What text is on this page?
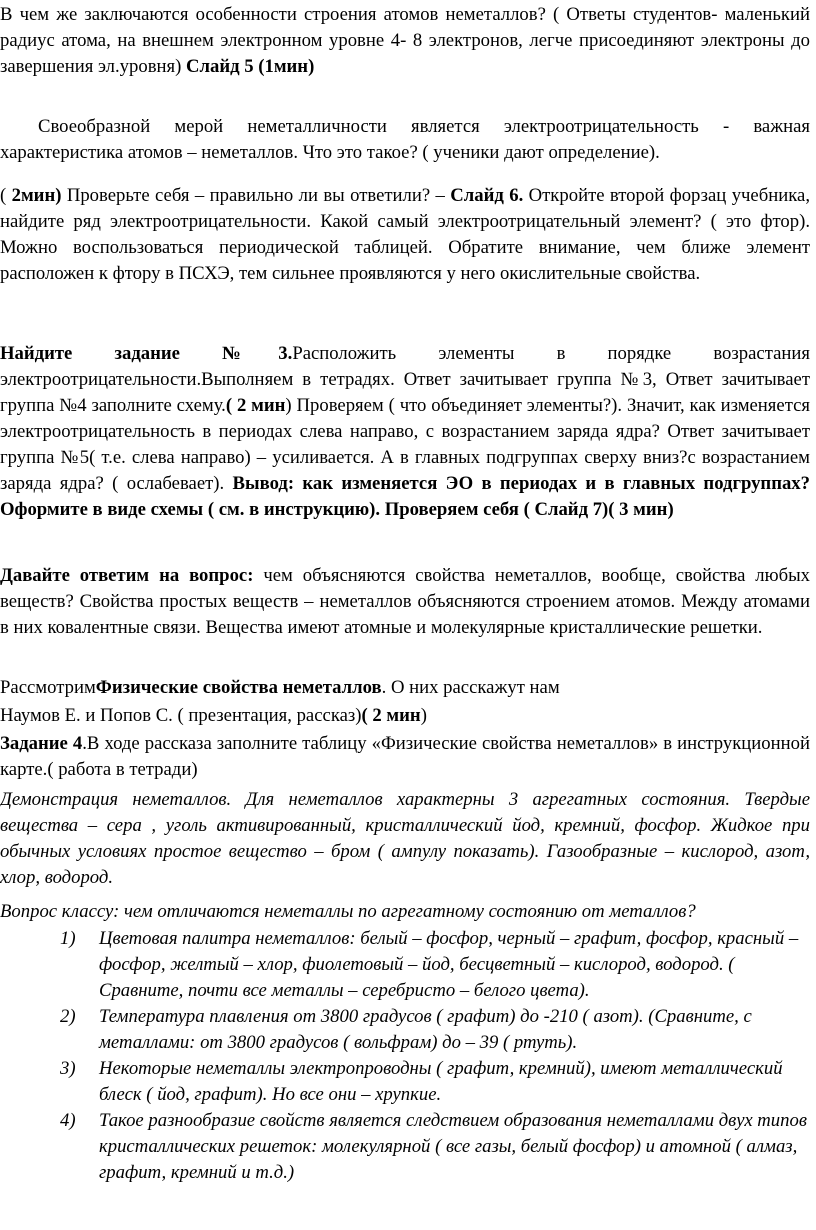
В чем же заключаются особенности строения атомов неметаллов? ( Ответы студентов- маленький радиус атома, на внешнем электронном уровне 4- 8 электронов, легче присоединяют электроны до завершения эл.уровня) Слайд 5 (1мин)
Своеобразной мерой неметалличности является электроотрицательность - важная характеристика атомов – неметаллов. Что это такое? ( ученики дают определение).
( 2мин) Проверьте себя – правильно ли вы ответили? – Слайд 6. Откройте второй форзац учебника, найдите ряд электроотрицательности. Какой самый электроотрицательный элемент? ( это фтор). Можно воспользоваться периодической таблицей. Обратите внимание, чем ближе элемент расположен к фтору в ПСХЭ, тем сильнее проявляются у него окислительные свойства.
Найдите задание №3.Расположить элементы в порядке возрастания электроотрицательности.Выполняем в тетрадях. Ответ зачитывает группа №3, Ответ зачитывает группа №4 заполните схему.( 2 мин) Проверяем ( что объединяет элементы?). Значит, как изменяется электроотрицательность в периодах слева направо, с возрастанием заряда ядра? Ответ зачитывает группа №5( т.е. слева направо) – усиливается. А в главных подгруппах сверху вниз?с возрастанием заряда ядра? ( ослабевает). Вывод: как изменяется ЭО в периодах и в главных подгруппах? Оформите в виде схемы ( см. в инструкцию). Проверяем себя ( Слайд 7)( 3 мин)
Давайте ответим на вопрос: чем объясняются свойства неметаллов, вообще, свойства любых веществ? Свойства простых веществ – неметаллов объясняются строением атомов. Между атомами в них ковалентные связи. Вещества имеют атомные и молекулярные кристаллические решетки.
РассмотримФизические свойства неметаллов. О них расскажут нам
Наумов Е. и Попов С. ( презентация, рассказ)( 2 мин)
Задание 4.В ходе рассказа заполните таблицу «Физические свойства неметаллов» в инструкционной карте.( работа в тетради)
Демонстрация неметаллов. Для неметаллов характерны 3 агрегатных состояния. Твердые вещества – сера , уголь активированный, кристаллический йод, кремний, фосфор. Жидкое при обычных условиях простое вещество – бром ( ампулу показать). Газообразные – кислород, азот, хлор, водород.
Вопрос классу: чем отличаются неметаллы по агрегатному состоянию от металлов?
1) Цветовая палитра неметаллов: белый – фосфор, черный – графит, фосфор, красный – фосфор, желтый – хлор, фиолетовый – йод, бесцветный – кислород, водород. ( Сравните, почти все металлы – серебристо – белого цвета).
2) Температура плавления от 3800 градусов ( графит) до -210 ( азот). (Сравните, с металлами: от 3800 градусов ( вольфрам) до – 39 ( ртуть).
3) Некоторые неметаллы электропроводны ( графит, кремний), имеют металлический блеск ( йод, графит). Но все они – хрупкие.
4) Такое разнообразие свойств является следствием образования неметаллами двух типов кристаллических решеток: молекулярной ( все газы, белый фосфор) и атомной ( алмаз, графит, кремний и т.д.)
